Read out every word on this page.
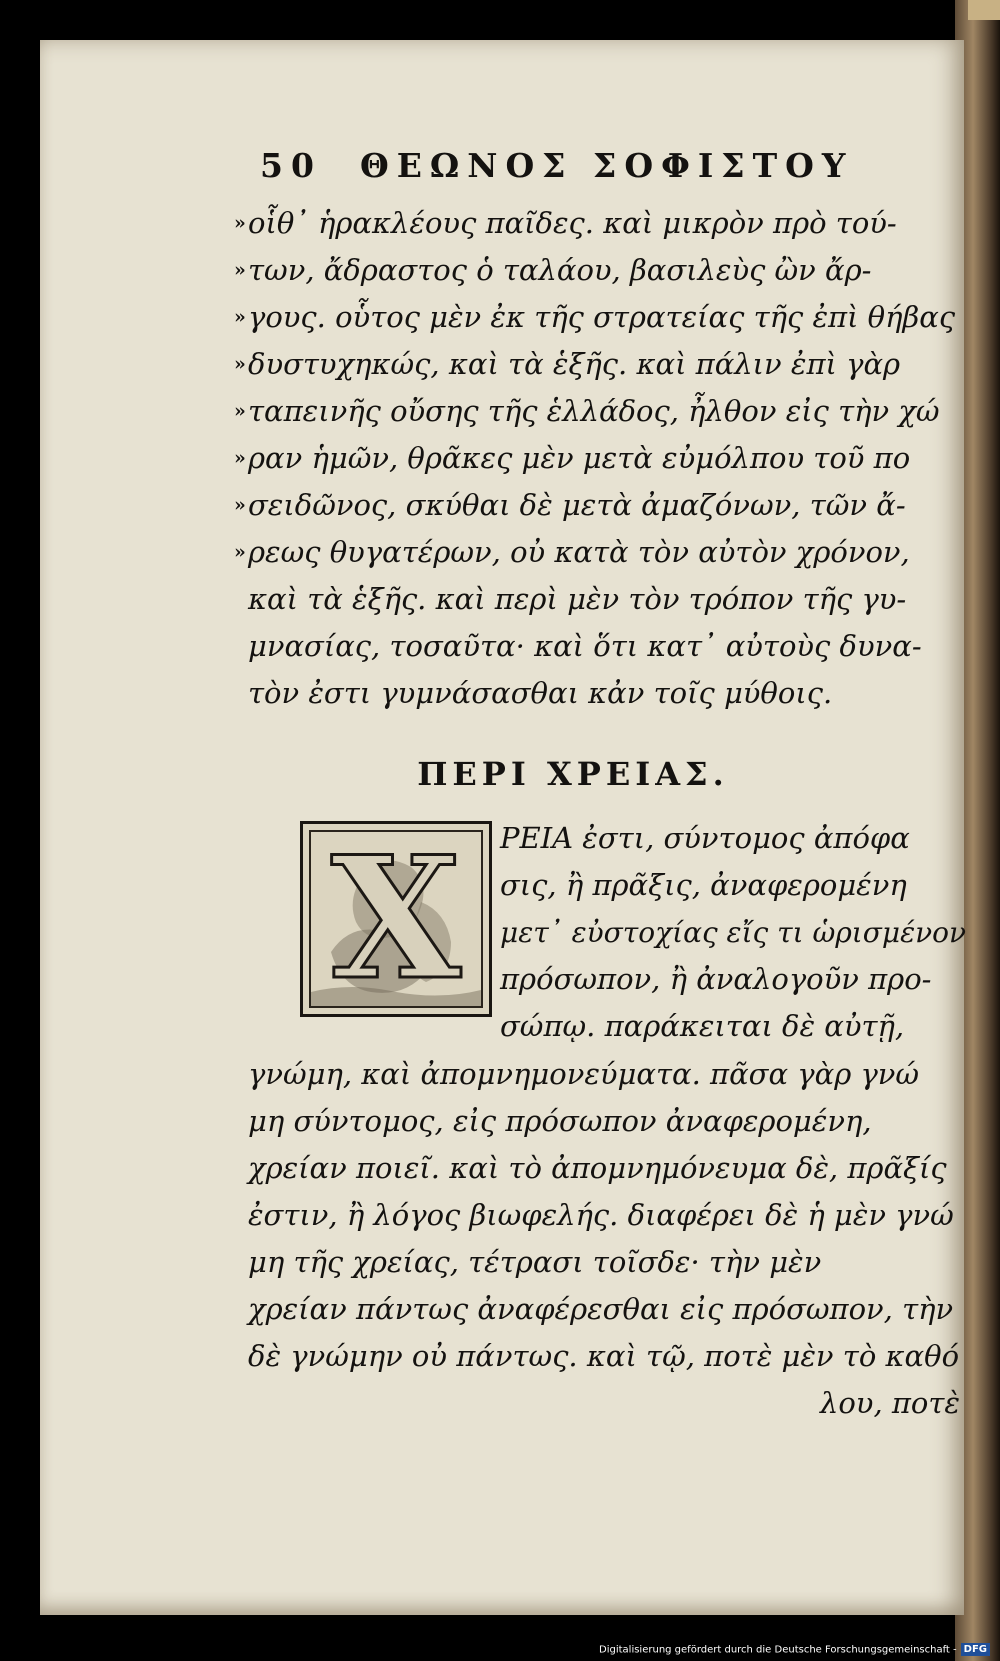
50 ΘΕΩΝΟΣ ΣΟΦΙΣΤΟΥ
» οἷθ᾽ ἡρακλέους παῖδες. καὶ μικρὸν πρὸ τού-
» των, ἄδραστος ὁ ταλάου, βασιλεὺς ὢν ἄρ-
» γους. οὗτος μὲν ἐκ τῆς στρατείας τῆς ἐπὶ θήβας
» δυστυχηκώς, καὶ τὰ ἑξῆς. καὶ πάλιν ἐπὶ γὰρ
» ταπεινῆς οὔσης τῆς ἑλλάδος, ἦλθον εἰς τὴν χώ
» ραν ἡμῶν, θρᾶκες μὲν μετὰ εὐμόλπου τοῦ πο
» σειδῶνος, σκύθαι δὲ μετὰ ἀμαζόνων, τῶν ἄ-
» ρεως θυγατέρων, οὐ κατὰ τὸν αὐτὸν χρόνον,
καὶ τὰ ἑξῆς. καὶ περὶ μὲν τὸν τρόπον τῆς γυ-
μνασίας, τοσαῦτα· καὶ ὅτι κατ᾽ αὐτοὺς δυνα-
τὸν ἐστι γυμνάσασθαι κἀν τοῖς μύθοις.
ΠΕΡΙ ΧΡΕΙΑΣ.
X	ΡΕΙΑ ἐστι, σύντομος ἀπόφα
σις, ἢ πρᾶξις, ἀναφερομένη
μετ᾽ εὐστοχίας εἴς τι ὡρισμένον
πρόσωπον, ἢ ἀναλογοῦν προ-
σώπῳ. παράκειται δὲ αὐτῇ,
γνώμη, καὶ ἀπομνημονεύματα. πᾶσα γὰρ γνώ
μη σύντομος, εἰς πρόσωπον ἀναφερομένη,
χρείαν ποιεῖ. καὶ τὸ ἀπομνημόνευμα δὲ, πρᾶξίς
ἐστιν, ἢ λόγος βιωφελής. διαφέρει δὲ ἡ μὲν γνώ
μη τῆς χρείας, τέτρασι τοῖσδε· τὴν μὲν
χρείαν πάντως ἀναφέρεσθαι εἰς πρόσωπον, τὴν
δὲ γνώμην οὐ πάντως. καὶ τῷ, ποτὲ μὲν τὸ καθό
λου, ποτὲ
Digitalisierung gefördert durch die Deutsche Forschungsgemeinschaft - DFG
